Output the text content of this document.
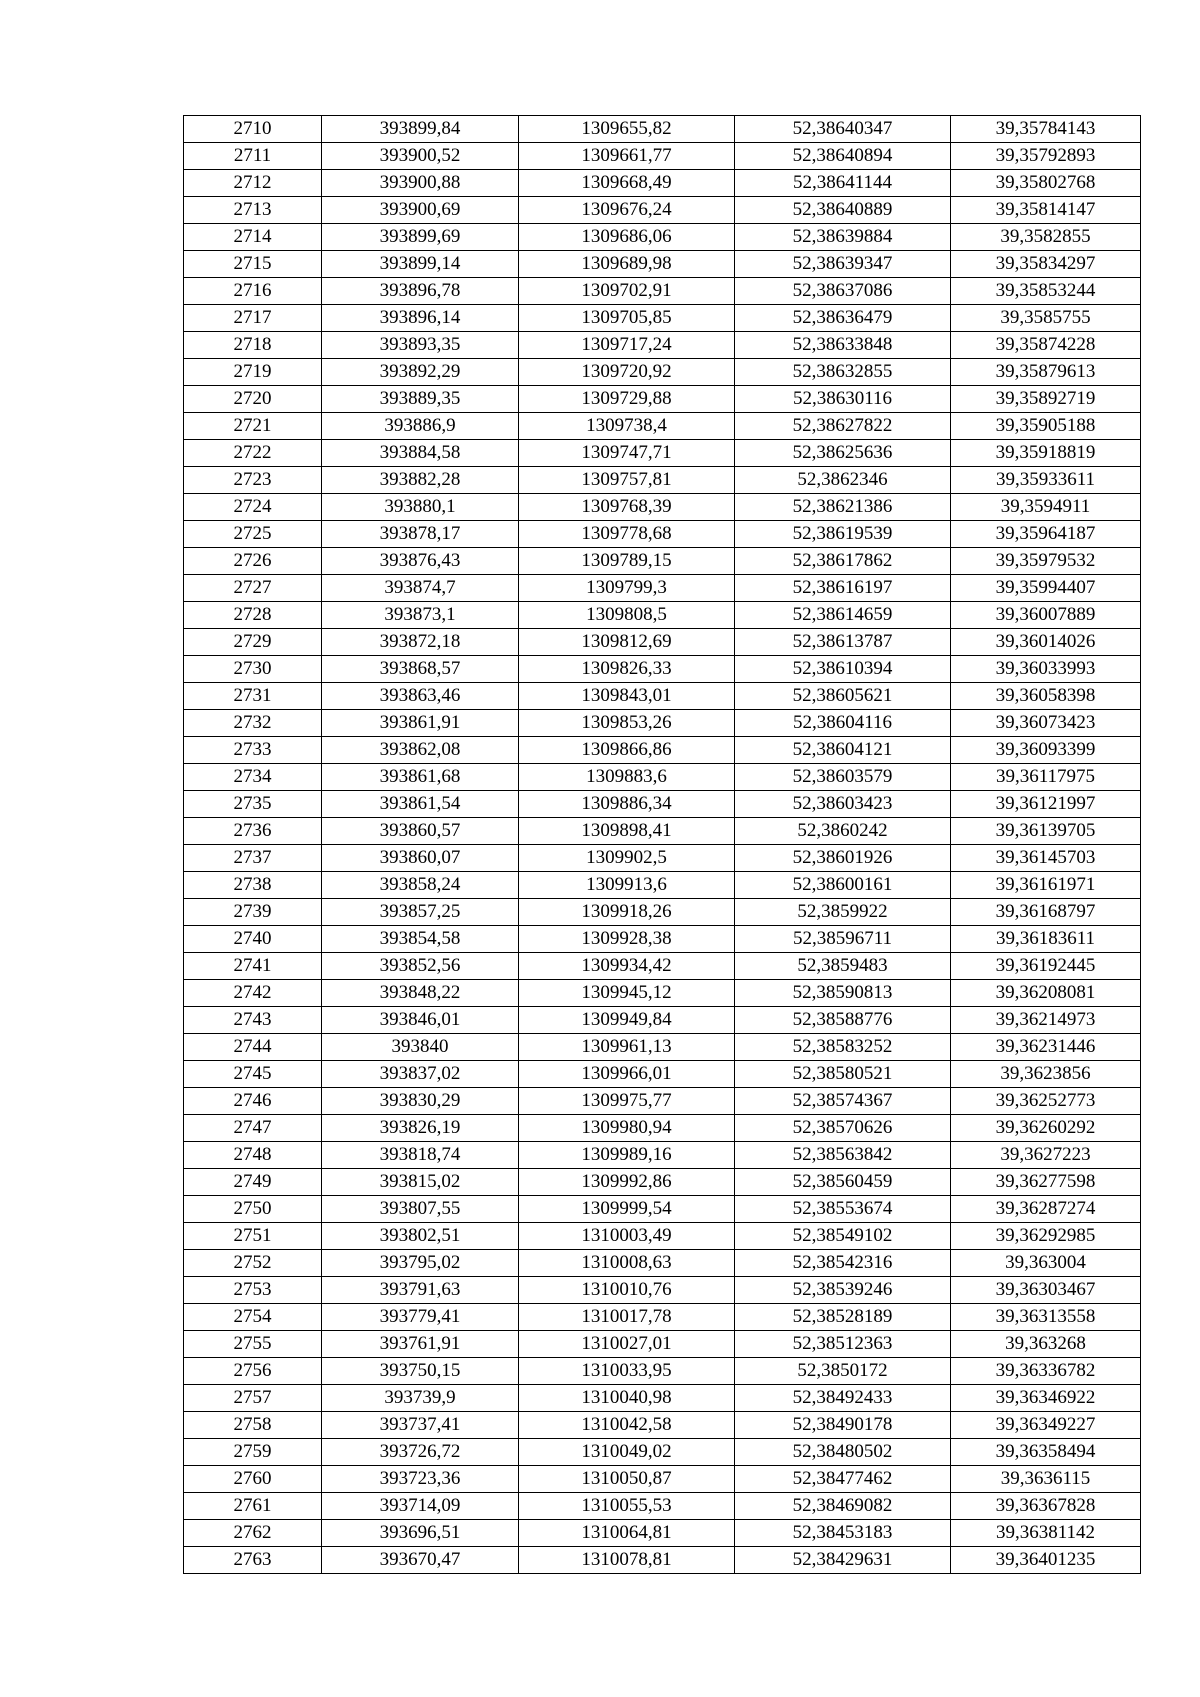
2710	393899,84	1309655,82	52,38640347	39,35784143
2711	393900,52	1309661,77	52,38640894	39,35792893
2712	393900,88	1309668,49	52,38641144	39,35802768
2713	393900,69	1309676,24	52,38640889	39,35814147
2714	393899,69	1309686,06	52,38639884	39,3582855
2715	393899,14	1309689,98	52,38639347	39,35834297
2716	393896,78	1309702,91	52,38637086	39,35853244
2717	393896,14	1309705,85	52,38636479	39,3585755
2718	393893,35	1309717,24	52,38633848	39,35874228
2719	393892,29	1309720,92	52,38632855	39,35879613
2720	393889,35	1309729,88	52,38630116	39,35892719
2721	393886,9	1309738,4	52,38627822	39,35905188
2722	393884,58	1309747,71	52,38625636	39,35918819
2723	393882,28	1309757,81	52,3862346	39,35933611
2724	393880,1	1309768,39	52,38621386	39,3594911
2725	393878,17	1309778,68	52,38619539	39,35964187
2726	393876,43	1309789,15	52,38617862	39,35979532
2727	393874,7	1309799,3	52,38616197	39,35994407
2728	393873,1	1309808,5	52,38614659	39,36007889
2729	393872,18	1309812,69	52,38613787	39,36014026
2730	393868,57	1309826,33	52,38610394	39,36033993
2731	393863,46	1309843,01	52,38605621	39,36058398
2732	393861,91	1309853,26	52,38604116	39,36073423
2733	393862,08	1309866,86	52,38604121	39,36093399
2734	393861,68	1309883,6	52,38603579	39,36117975
2735	393861,54	1309886,34	52,38603423	39,36121997
2736	393860,57	1309898,41	52,3860242	39,36139705
2737	393860,07	1309902,5	52,38601926	39,36145703
2738	393858,24	1309913,6	52,38600161	39,36161971
2739	393857,25	1309918,26	52,3859922	39,36168797
2740	393854,58	1309928,38	52,38596711	39,36183611
2741	393852,56	1309934,42	52,3859483	39,36192445
2742	393848,22	1309945,12	52,38590813	39,36208081
2743	393846,01	1309949,84	52,38588776	39,36214973
2744	393840	1309961,13	52,38583252	39,36231446
2745	393837,02	1309966,01	52,38580521	39,3623856
2746	393830,29	1309975,77	52,38574367	39,36252773
2747	393826,19	1309980,94	52,38570626	39,36260292
2748	393818,74	1309989,16	52,38563842	39,3627223
2749	393815,02	1309992,86	52,38560459	39,36277598
2750	393807,55	1309999,54	52,38553674	39,36287274
2751	393802,51	1310003,49	52,38549102	39,36292985
2752	393795,02	1310008,63	52,38542316	39,363004
2753	393791,63	1310010,76	52,38539246	39,36303467
2754	393779,41	1310017,78	52,38528189	39,36313558
2755	393761,91	1310027,01	52,38512363	39,363268
2756	393750,15	1310033,95	52,3850172	39,36336782
2757	393739,9	1310040,98	52,38492433	39,36346922
2758	393737,41	1310042,58	52,38490178	39,36349227
2759	393726,72	1310049,02	52,38480502	39,36358494
2760	393723,36	1310050,87	52,38477462	39,3636115
2761	393714,09	1310055,53	52,38469082	39,36367828
2762	393696,51	1310064,81	52,38453183	39,36381142
2763	393670,47	1310078,81	52,38429631	39,36401235
